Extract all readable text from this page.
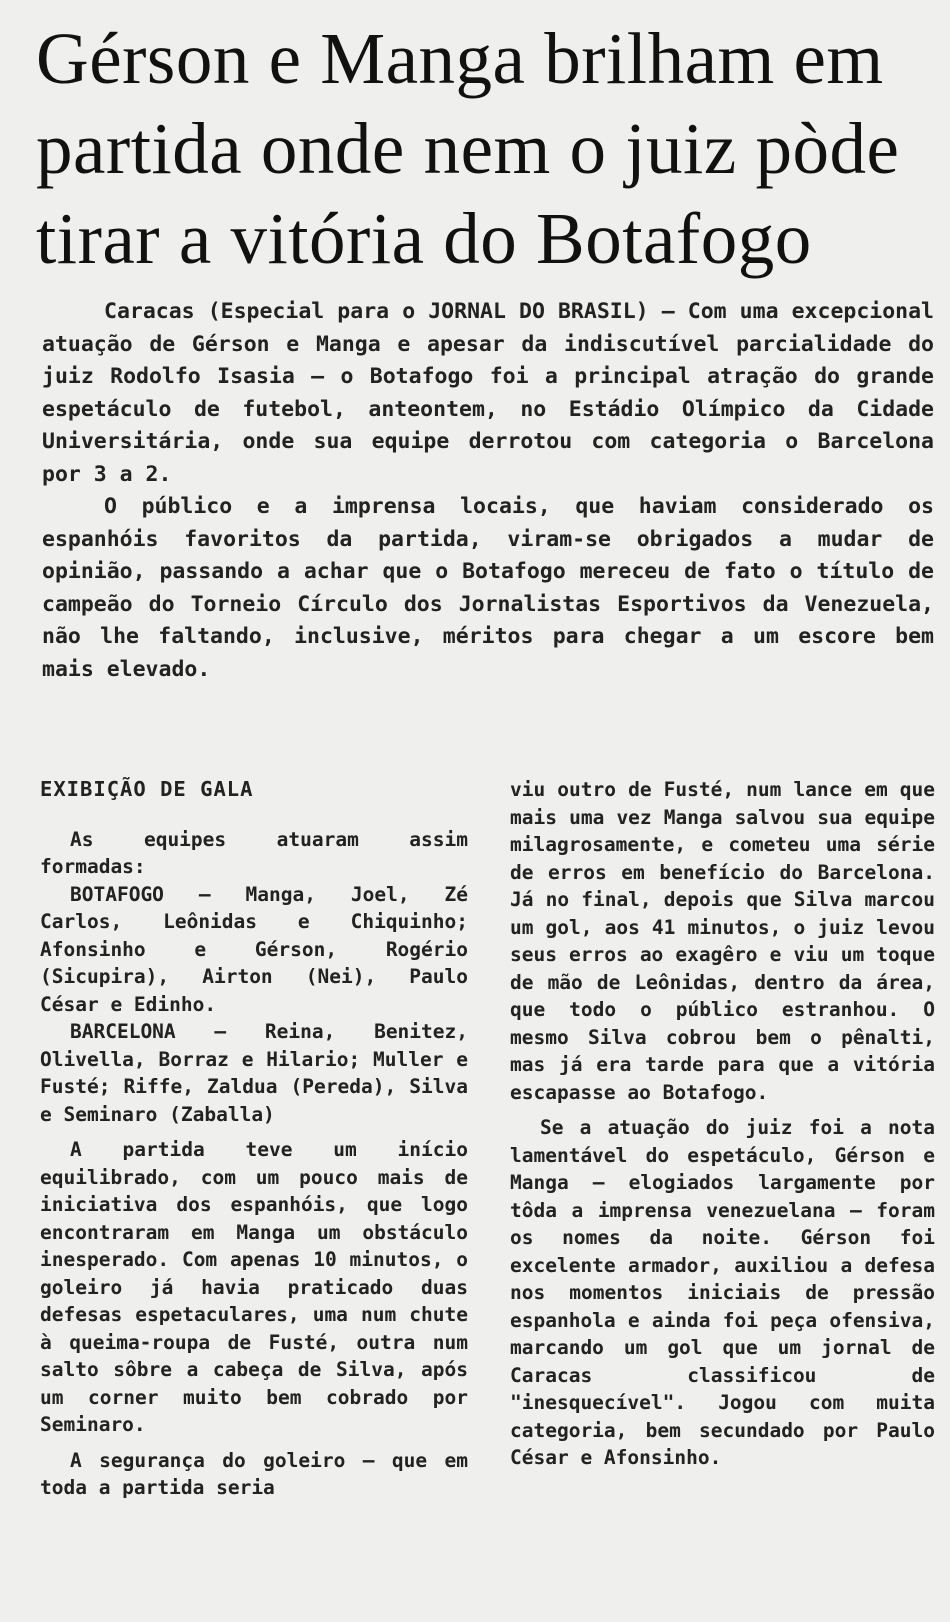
Gérson e Manga brilham em
partida onde nem o juiz pòde
tirar a vitória do Botafogo

Caracas (Especial para o JORNAL DO BRASIL) — Com uma excepcional atuação de Gérson e Manga e apesar da indiscutível parcialidade do juiz Rodolfo Isasia — o Botafogo foi a principal atração do grande espetáculo de futebol, anteontem, no Estádio Olímpico da Cidade Universitária, onde sua equipe derrotou com categoria o Barcelona por 3 a 2.

O público e a imprensa locais, que haviam considerado os espanhóis favoritos da partida, viram-se obrigados a mudar de opinião, passando a achar que o Botafogo mereceu de fato o título de campeão do Torneio Círculo dos Jornalistas Esportivos da Venezuela, não lhe faltando, inclusive, méritos para chegar a um escore bem mais elevado.

EXIBIÇÃO DE GALA

As equipes atuaram assim formadas:

BOTAFOGO — Manga, Joel, Zé Carlos, Leônidas e Chiquinho; Afonsinho e Gérson, Rogério (Sicupira), Airton (Nei), Paulo César e Edinho.

BARCELONA — Reina, Benitez, Olivella, Borraz e Hilario; Muller e Fusté; Riffe, Zaldua (Pereda), Silva e Seminaro (Zaballa)

A partida teve um início equilibrado, com um pouco mais de iniciativa dos espanhóis, que logo encontraram em Manga um obstáculo inesperado. Com apenas 10 minutos, o goleiro já havia praticado duas defesas espetaculares, uma num chute à queima-roupa de Fusté, outra num salto sôbre a cabeça de Silva, após um corner muito bem cobrado por Seminaro.

A segurança do goleiro — que em toda a partida seria

viu outro de Fusté, num lance em que mais uma vez Manga salvou sua equipe milagrosamente, e cometeu uma série de erros em benefício do Barcelona. Já no final, depois que Silva marcou um gol, aos 41 minutos, o juiz levou seus erros ao exagêro e viu um toque de mão de Leônidas, dentro da área, que todo o público estranhou. O mesmo Silva cobrou bem o pênalti, mas já era tarde para que a vitória escapasse ao Botafogo.

Se a atuação do juiz foi a nota lamentável do espetáculo, Gérson e Manga — elogiados largamente por tôda a imprensa venezuelana — foram os nomes da noite. Gérson foi excelente armador, auxiliou a defesa nos momentos iniciais de pressão espanhola e ainda foi peça ofensiva, marcando um gol que um jornal de Caracas classificou de "inesquecível". Jogou com muita categoria, bem secundado por Paulo César e Afonsinho.
